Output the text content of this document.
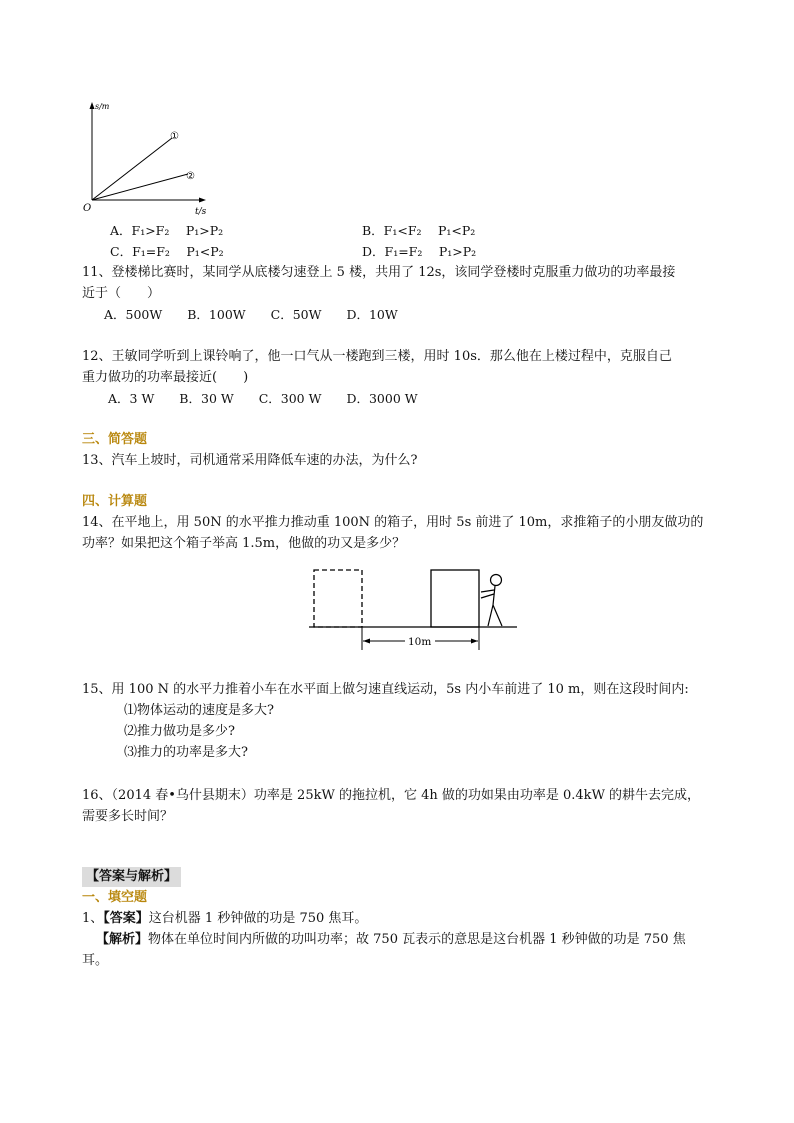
s/m
t/s
O
①
②
A．F₁>F₂　 P₁>P₂	B．F₁<F₂　 P₁<P₂
C．F₁=F₂　 P₁<P₂	D．F₁=F₂　 P₁>P₂
11、登楼梯比赛时，某同学从底楼匀速登上 5 楼，共用了 12s，该同学登楼时克服重力做功的功率最接
近于（　　）
A．500W　　B．100W　　C．50W　　D．10W
12、王敏同学听到上课铃响了，他一口气从一楼跑到三楼，用时 10s．那么他在上楼过程中，克服自己
重力做功的功率最接近(　　)
A．3 W　　B．30 W　　C．300 W　　D．3000 W
三、简答题
13、汽车上坡时，司机通常采用降低车速的办法，为什么?
四、计算题
14、在平地上，用 50N 的水平推力推动重 100N 的箱子，用时 5s 前进了 10m，求推箱子的小朋友做功的
功率？如果把这个箱子举高 1.5m，他做的功又是多少？
10m
15、用 100 N 的水平力推着小车在水平面上做匀速直线运动，5s 内小车前进了 10 m，则在这段时间内:
⑴物体运动的速度是多大?
⑵推力做功是多少?
⑶推力的功率是多大?
16、（2014 春•乌什县期末）功率是 25kW 的拖拉机，它 4h 做的功如果由功率是 0.4kW 的耕牛去完成，
需要多长时间？
【答案与解析】
一、填空题
1、【答案】这台机器 1 秒钟做的功是 750 焦耳。
【解析】物体在单位时间内所做的功叫功率；故 750 瓦表示的意思是这台机器 1 秒钟做的功是 750 焦
耳。
